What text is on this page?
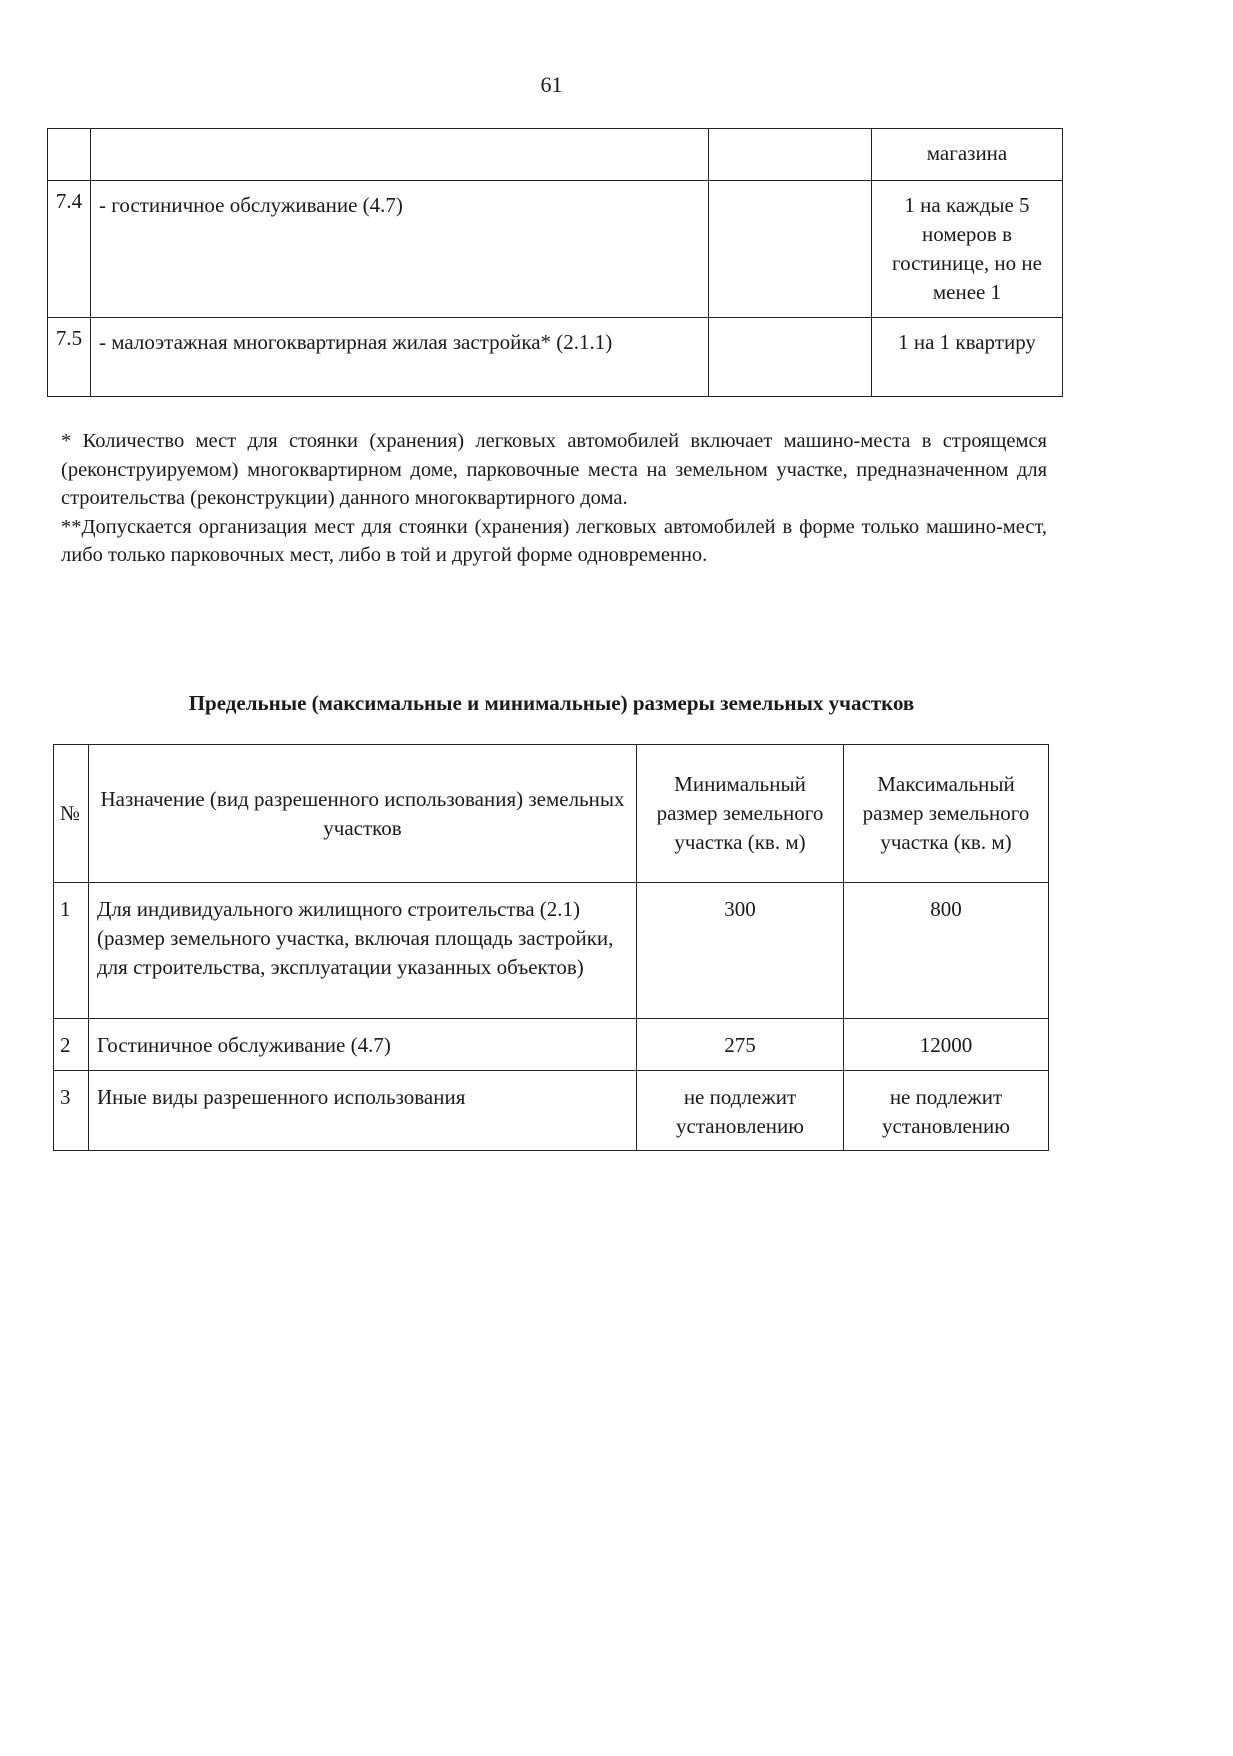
61
			магазина
7.4	- гостиничное обслуживание (4.7)		1 на каждые 5 номеров в гостинице, но не менее 1
7.5	- малоэтажная многоквартирная жилая застройка* (2.1.1)		1 на 1 квартиру

* Количество мест для стоянки (хранения) легковых автомобилей включает машино-места в строящемся (реконструируемом) многоквартирном доме, парковочные места на земельном участке, предназначенном для строительства (реконструкции) данного многоквартирного дома.

**Допускается организация мест для стоянки (хранения) легковых автомобилей в форме только машино-мест, либо только парковочных мест, либо в той и другой форме одновременно.

Предельные (максимальные и минимальные) размеры земельных участков
№	Назначение (вид разрешенного использования) земельных участков	Минимальный размер земельного участка (кв. м)	Максимальный размер земельного участка (кв. м)
1	Для индивидуального жилищного строительства (2.1) (размер земельного участка, включая площадь застройки, для строительства, эксплуатации указанных объектов)	300	800
2	Гостиничное обслуживание (4.7)	275	12000
3	Иные виды разрешенного использования	не подлежит установлению	не подлежит установлению
